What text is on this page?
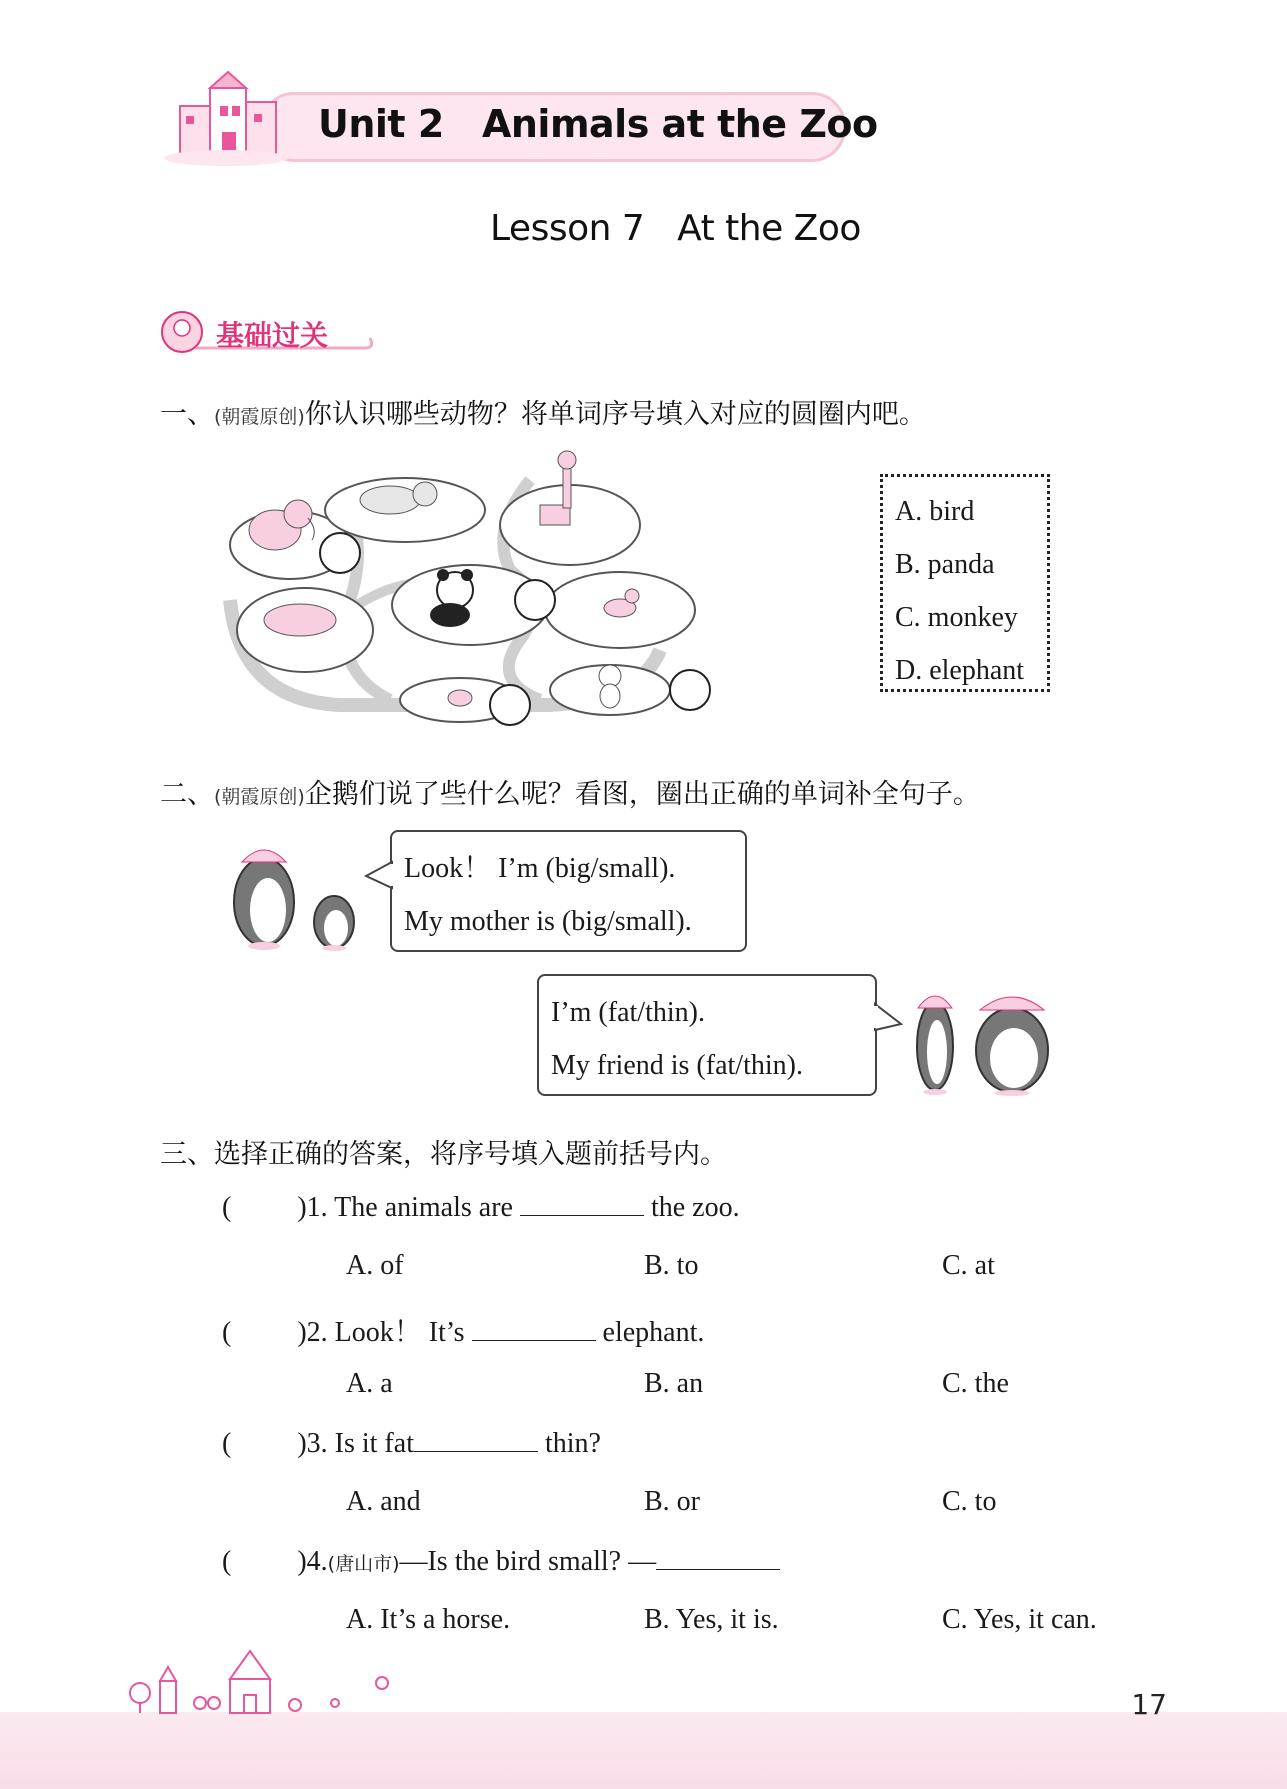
Unit 2   Animals at the Zoo
Lesson 7   At the Zoo
基础过关
一、(朝霞原创)你认识哪些动物？将单词序号填入对应的圆圈内吧。
A. bird
B. panda
C. monkey
D. elephant
二、(朝霞原创)企鹅们说了些什么呢？看图，圈出正确的单词补全句子。
Look！ I’m (big/small).
My mother is (big/small).
I’m (fat/thin).
My friend is (fat/thin).
三、选择正确的答案，将序号填入题前括号内。
( )1. The animals are	the zoo.
A. of	B. to	C. at
( )2. Look！ It’s	elephant.
A. a	B. an	C. the
( )3. Is it fat	thin?
A. and	B. or	C. to
( )4.(唐山市)—Is the bird small? —
A. It’s a horse.	B. Yes, it is.	C. Yes, it can.
17
